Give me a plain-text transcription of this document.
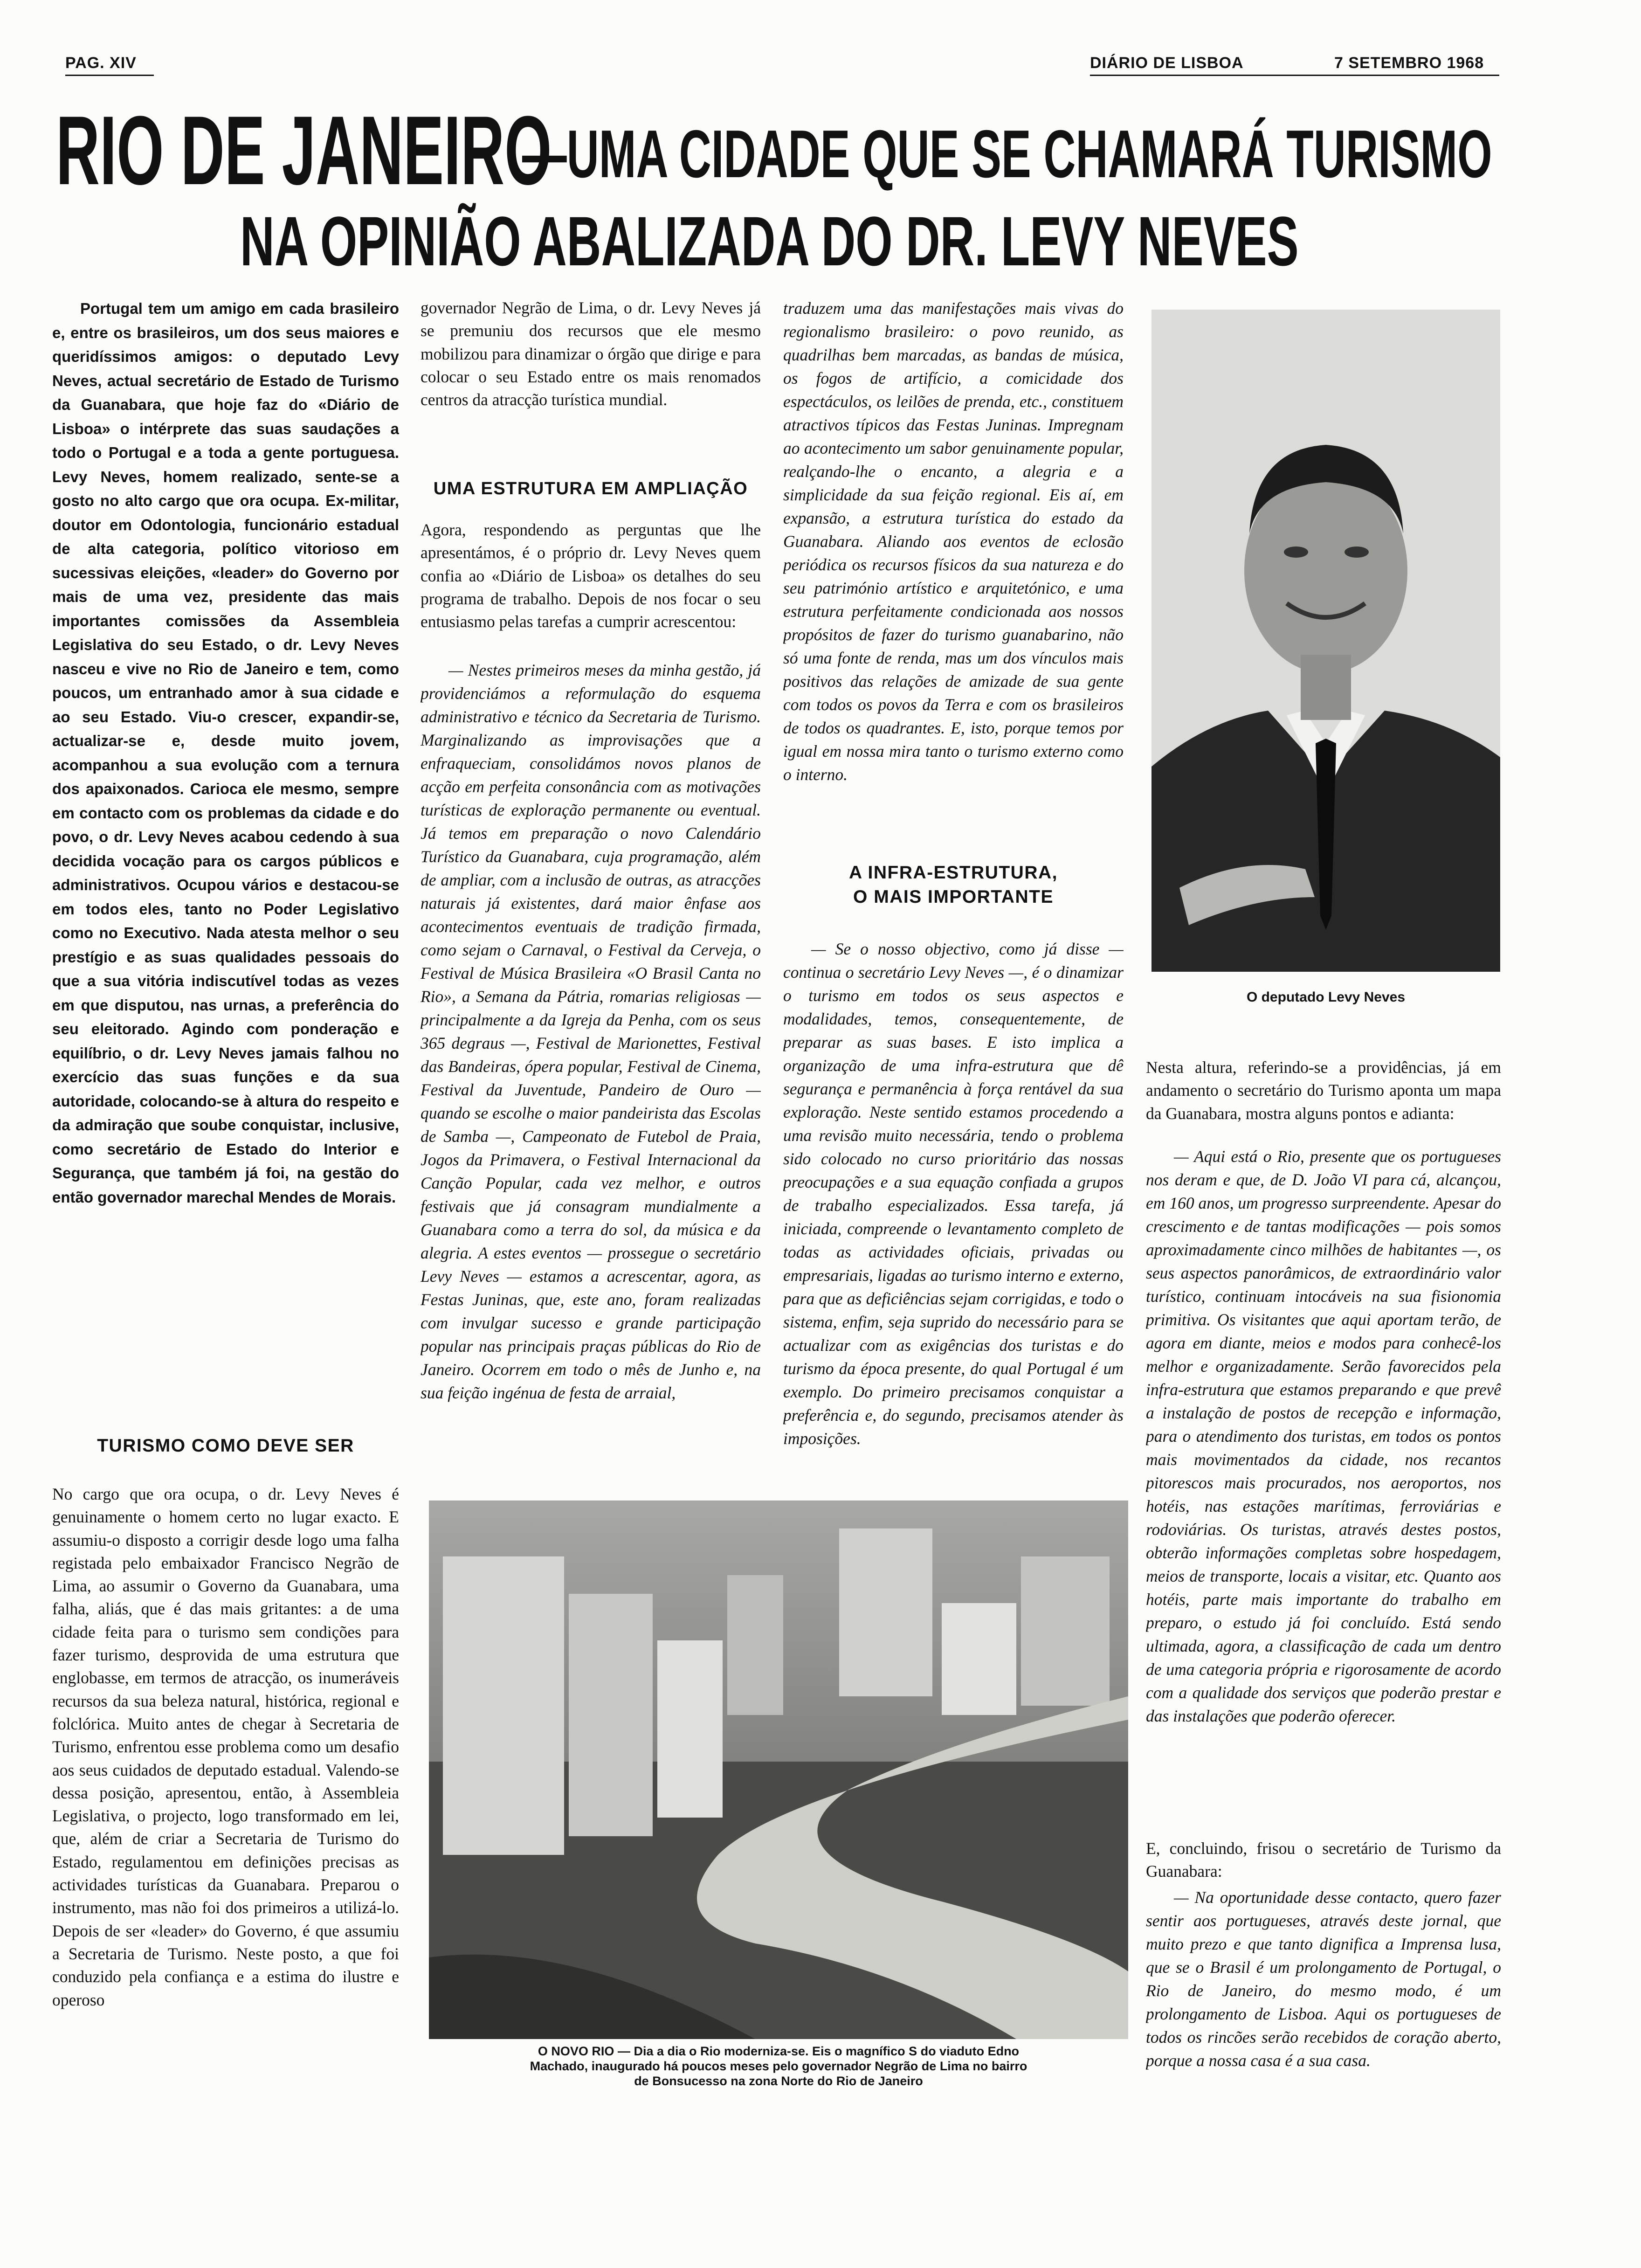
PAG. XIV	DIÁRIO DE LISBOA	7 SETEMBRO 1968
RIO DE JANEIRO
—UMA CIDADE QUE SE CHAMARÁ TURISMO
NA OPINIÃO ABALIZADA DO DR. LEVY NEVES

Portugal tem um amigo em cada brasileiro e, entre os brasileiros, um dos seus maiores e queridíssimos amigos: o deputado Levy Neves, actual secretário de Estado de Turismo da Guanabara, que hoje faz do «Diário de Lisboa» o intérprete das suas saudações a todo o Portugal e a toda a gente portuguesa. Levy Neves, homem realizado, sente-se a gosto no alto cargo que ora ocupa. Ex-militar, doutor em Odontologia, funcionário estadual de alta categoria, político vitorioso em sucessivas eleições, «leader» do Governo por mais de uma vez, presidente das mais importantes comissões da Assembleia Legislativa do seu Estado, o dr. Levy Neves nasceu e vive no Rio de Janeiro e tem, como poucos, um entranhado amor à sua cidade e ao seu Estado. Viu-o crescer, expandir-se, actualizar-se e, desde muito jovem, acompanhou a sua evolução com a ternura dos apaixonados. Carioca ele mesmo, sempre em contacto com os problemas da cidade e do povo, o dr. Levy Neves acabou cedendo à sua decidida vocação para os cargos públicos e administrativos. Ocupou vários e destacou-se em todos eles, tanto no Poder Legislativo como no Executivo. Nada atesta melhor o seu prestígio e as suas qualidades pessoais do que a sua vitória indiscutível todas as vezes em que disputou, nas urnas, a preferência do seu eleitorado. Agindo com ponderação e equilíbrio, o dr. Levy Neves jamais falhou no exercício das suas funções e da sua autoridade, colocando-se à altura do respeito e da admiração que soube conquistar, inclusive, como secretário de Estado do Interior e Segurança, que também já foi, na gestão do então governador marechal Mendes de Morais.

TURISMO COMO DEVE SER

No cargo que ora ocupa, o dr. Levy Neves é genuinamente o homem certo no lugar exacto. E assumiu-o disposto a corrigir desde logo uma falha registada pelo embaixador Francisco Negrão de Lima, ao assumir o Governo da Guanabara, uma falha, aliás, que é das mais gritantes: a de uma cidade feita para o turismo sem condições para fazer turismo, desprovida de uma estrutura que englobasse, em termos de atracção, os inumeráveis recursos da sua beleza natural, histórica, regional e folclórica. Muito antes de chegar à Secretaria de Turismo, enfrentou esse problema como um desafio aos seus cuidados de deputado estadual. Valendo-se dessa posição, apresentou, então, à Assembleia Legislativa, o projecto, logo transformado em lei, que, além de criar a Secretaria de Turismo do Estado, regulamentou em definições precisas as actividades turísticas da Guanabara. Preparou o instrumento, mas não foi dos primeiros a utilizá-lo. Depois de ser «leader» do Governo, é que assumiu a Secretaria de Turismo. Neste posto, a que foi conduzido pela confiança e a estima do ilustre e operoso

governador Negrão de Lima, o dr. Levy Neves já se premuniu dos recursos que ele mesmo mobilizou para dinamizar o órgão que dirige e para colocar o seu Estado entre os mais renomados centros da atracção turística mundial.

UMA ESTRUTURA EM AMPLIAÇÃO

Agora, respondendo as perguntas que lhe apresentámos, é o próprio dr. Levy Neves quem confia ao «Diário de Lisboa» os detalhes do seu programa de trabalho. Depois de nos focar o seu entusiasmo pelas tarefas a cumprir acrescentou:

— Nestes primeiros meses da minha gestão, já providenciámos a reformulação do esquema administrativo e técnico da Secretaria de Turismo. Marginalizando as improvisações que a enfraqueciam, consolidámos novos planos de acção em perfeita consonância com as motivações turísticas de exploração permanente ou eventual. Já temos em preparação o novo Calendário Turístico da Guanabara, cuja programação, além de ampliar, com a inclusão de outras, as atracções naturais já existentes, dará maior ênfase aos acontecimentos eventuais de tradição firmada, como sejam o Carnaval, o Festival da Cerveja, o Festival de Música Brasileira «O Brasil Canta no Rio», a Semana da Pátria, romarias religiosas — principalmente a da Igreja da Penha, com os seus 365 degraus —, Festival de Marionettes, Festival das Bandeiras, ópera popular, Festival de Cinema, Festival da Juventude, Pandeiro de Ouro — quando se escolhe o maior pandeirista das Escolas de Samba —, Campeonato de Futebol de Praia, Jogos da Primavera, o Festival Internacional da Canção Popular, cada vez melhor, e outros festivais que já consagram mundialmente a Guanabara como a terra do sol, da música e da alegria. A estes eventos — prossegue o secretário Levy Neves — estamos a acrescentar, agora, as Festas Juninas, que, este ano, foram realizadas com invulgar sucesso e grande participação popular nas principais praças públicas do Rio de Janeiro. Ocorrem em todo o mês de Junho e, na sua feição ingénua de festa de arraial,

traduzem uma das manifestações mais vivas do regionalismo brasileiro: o povo reunido, as quadrilhas bem marcadas, as bandas de música, os fogos de artifício, a comicidade dos espectáculos, os leilões de prenda, etc., constituem atractivos típicos das Festas Juninas. Impregnam ao acontecimento um sabor genuinamente popular, realçando-lhe o encanto, a alegria e a simplicidade da sua feição regional. Eis aí, em expansão, a estrutura turística do estado da Guanabara. Aliando aos eventos de eclosão periódica os recursos físicos da sua natureza e do seu património artístico e arquitetónico, e uma estrutura perfeitamente condicionada aos nossos propósitos de fazer do turismo guanabarino, não só uma fonte de renda, mas um dos vínculos mais positivos das relações de amizade de sua gente com todos os povos da Terra e com os brasileiros de todos os quadrantes. E, isto, porque temos por igual em nossa mira tanto o turismo externo como o interno.

A INFRA-ESTRUTURA,
O MAIS IMPORTANTE

— Se o nosso objectivo, como já disse — continua o secretário Levy Neves —, é o dinamizar o turismo em todos os seus aspectos e modalidades, temos, consequentemente, de preparar as suas bases. E isto implica a organização de uma infra-estrutura que dê segurança e permanência à força rentável da sua exploração. Neste sentido estamos procedendo a uma revisão muito necessária, tendo o problema sido colocado no curso prioritário das nossas preocupações e a sua equação confiada a grupos de trabalho especializados. Essa tarefa, já iniciada, compreende o levantamento completo de todas as actividades oficiais, privadas ou empresariais, ligadas ao turismo interno e externo, para que as deficiências sejam corrigidas, e todo o sistema, enfim, seja suprido do necessário para se actualizar com as exigências dos turistas e do turismo da época presente, do qual Portugal é um exemplo. Do primeiro precisamos conquistar a preferência e, do segundo, precisamos atender às imposições.

O deputado Levy Neves

Nesta altura, referindo-se a providências, já em andamento o secretário do Turismo aponta um mapa da Guanabara, mostra alguns pontos e adianta:

— Aqui está o Rio, presente que os portugueses nos deram e que, de D. João VI para cá, alcançou, em 160 anos, um progresso surpreendente. Apesar do crescimento e de tantas modificações — pois somos aproximadamente cinco milhões de habitantes —, os seus aspectos panorâmicos, de extraordinário valor turístico, continuam intocáveis na sua fisionomia primitiva. Os visitantes que aqui aportam terão, de agora em diante, meios e modos para conhecê-los melhor e organizadamente. Serão favorecidos pela infra-estrutura que estamos preparando e que prevê a instalação de postos de recepção e informação, para o atendimento dos turistas, em todos os pontos mais movimentados da cidade, nos recantos pitorescos mais procurados, nos aeroportos, nos hotéis, nas estações marítimas, ferroviárias e rodoviárias. Os turistas, através destes postos, obterão informações completas sobre hospedagem, meios de transporte, locais a visitar, etc. Quanto aos hotéis, parte mais importante do trabalho em preparo, o estudo já foi concluído. Está sendo ultimada, agora, a classificação de cada um dentro de uma categoria própria e rigorosamente de acordo com a qualidade dos serviços que poderão prestar e das instalações que poderão oferecer.

E, concluindo, frisou o secretário de Turismo da Guanabara:

— Na oportunidade desse contacto, quero fazer sentir aos portugueses, através deste jornal, que muito prezo e que tanto dignifica a Imprensa lusa, que se o Brasil é um prolongamento de Portugal, o Rio de Janeiro, do mesmo modo, é um prolongamento de Lisboa. Aqui os portugueses de todos os rincões serão recebidos de coração aberto, porque a nossa casa é a sua casa.

O NOVO RIO — Dia a dia o Rio moderniza-se. Eis o magnífico S do viaduto Edno
Machado, inaugurado há poucos meses pelo governador Negrão de Lima no bairro
de Bonsucesso na zona Norte do Rio de Janeiro
